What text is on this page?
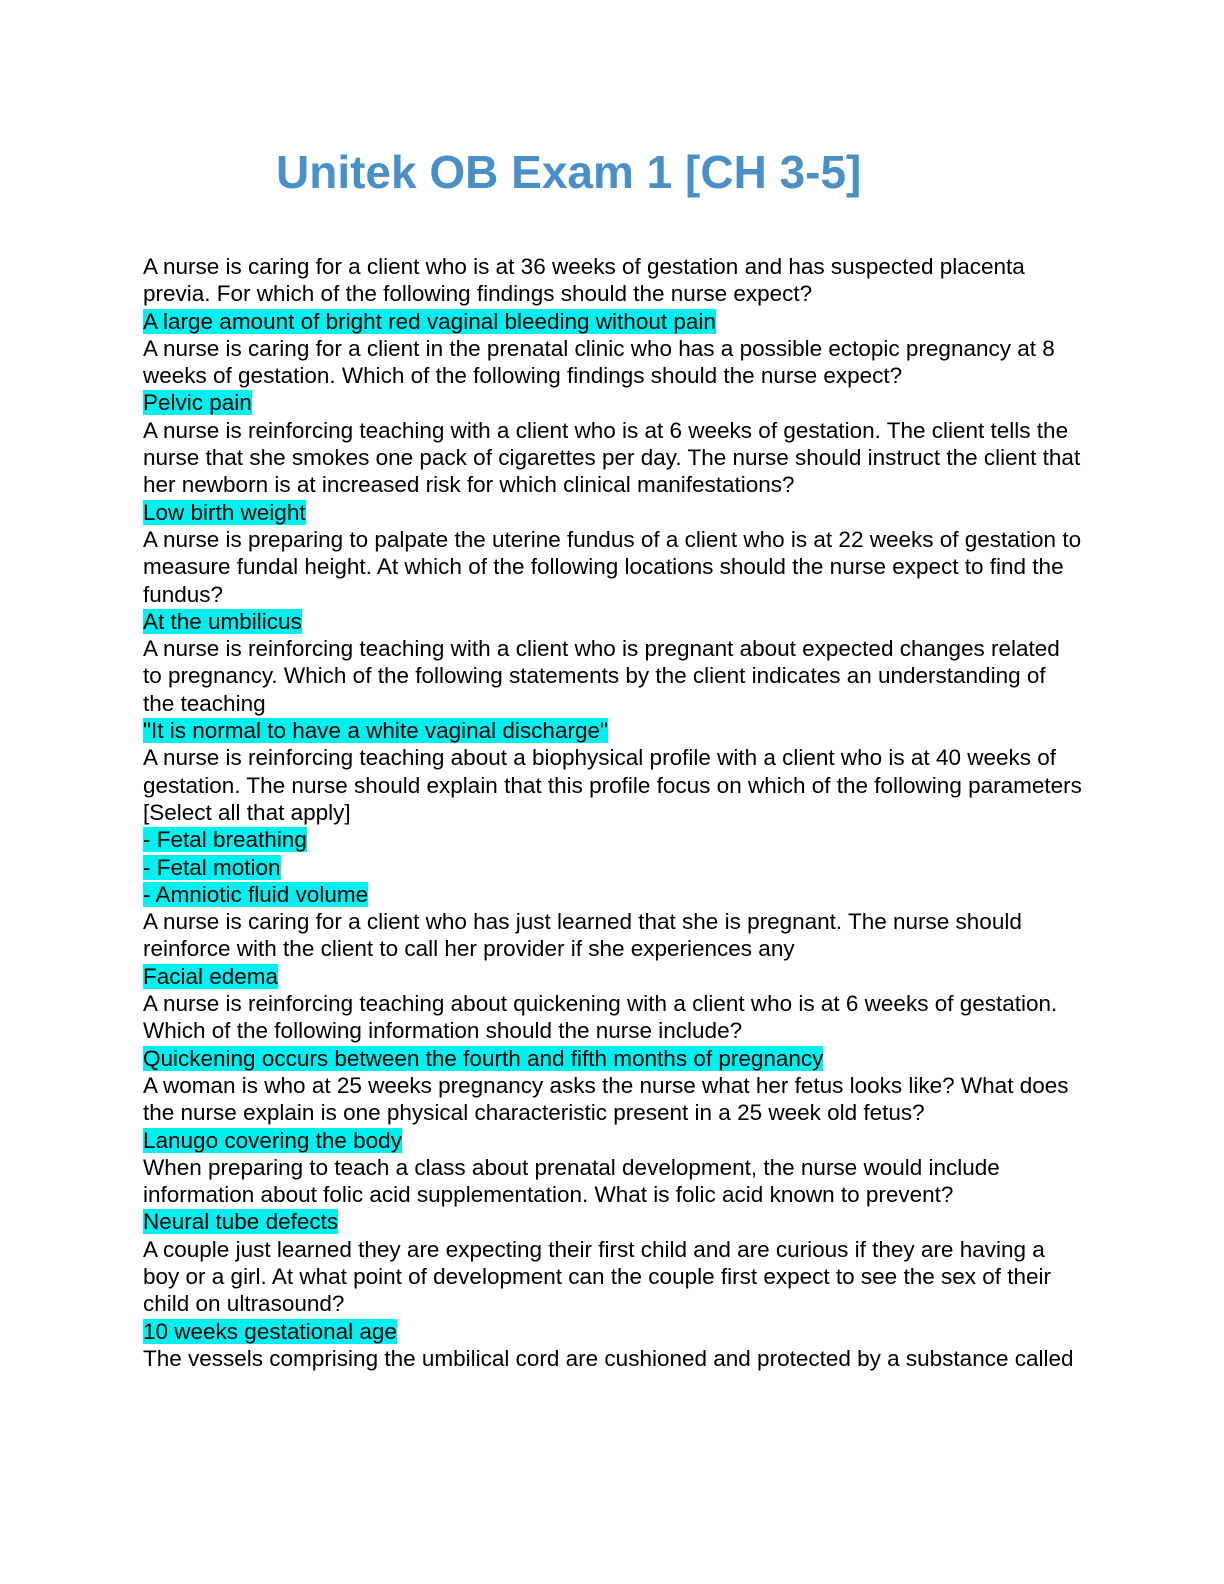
Unitek OB Exam 1 [CH 3-5]

A nurse is caring for a client who is at 36 weeks of gestation and has suspected placenta previa. For which of the following findings should the nurse expect?

A large amount of bright red vaginal bleeding without pain

A nurse is caring for a client in the prenatal clinic who has a possible ectopic pregnancy at 8 weeks of gestation. Which of the following findings should the nurse expect?

Pelvic pain

A nurse is reinforcing teaching with a client who is at 6 weeks of gestation. The client tells the nurse that she smokes one pack of cigarettes per day. The nurse should instruct the client that her newborn is at increased risk for which clinical manifestations?

Low birth weight

A nurse is preparing to palpate the uterine fundus of a client who is at 22 weeks of gestation to measure fundal height. At which of the following locations should the nurse expect to find the fundus?

At the umbilicus

A nurse is reinforcing teaching with a client who is pregnant about expected changes related to pregnancy. Which of the following statements by the client indicates an understanding of the teaching

"It is normal to have a white vaginal discharge"

A nurse is reinforcing teaching about a biophysical profile with a client who is at 40 weeks of gestation. The nurse should explain that this profile focus on which of the following parameters [Select all that apply]

- Fetal breathing

- Fetal motion

- Amniotic fluid volume

A nurse is caring for a client who has just learned that she is pregnant. The nurse should reinforce with the client to call her provider if she experiences any

Facial edema

A nurse is reinforcing teaching about quickening with a client who is at 6 weeks of gestation. Which of the following information should the nurse include?

Quickening occurs between the fourth and fifth months of pregnancy

A woman is who at 25 weeks pregnancy asks the nurse what her fetus looks like? What does the nurse explain is one physical characteristic present in a 25 week old fetus?

Lanugo covering the body

When preparing to teach a class about prenatal development, the nurse would include information about folic acid supplementation. What is folic acid known to prevent?

Neural tube defects

A couple just learned they are expecting their first child and are curious if they are having a boy or a girl. At what point of development can the couple first expect to see the sex of their child on ultrasound?

10 weeks gestational age

The vessels comprising the umbilical cord are cushioned and protected by a substance called
